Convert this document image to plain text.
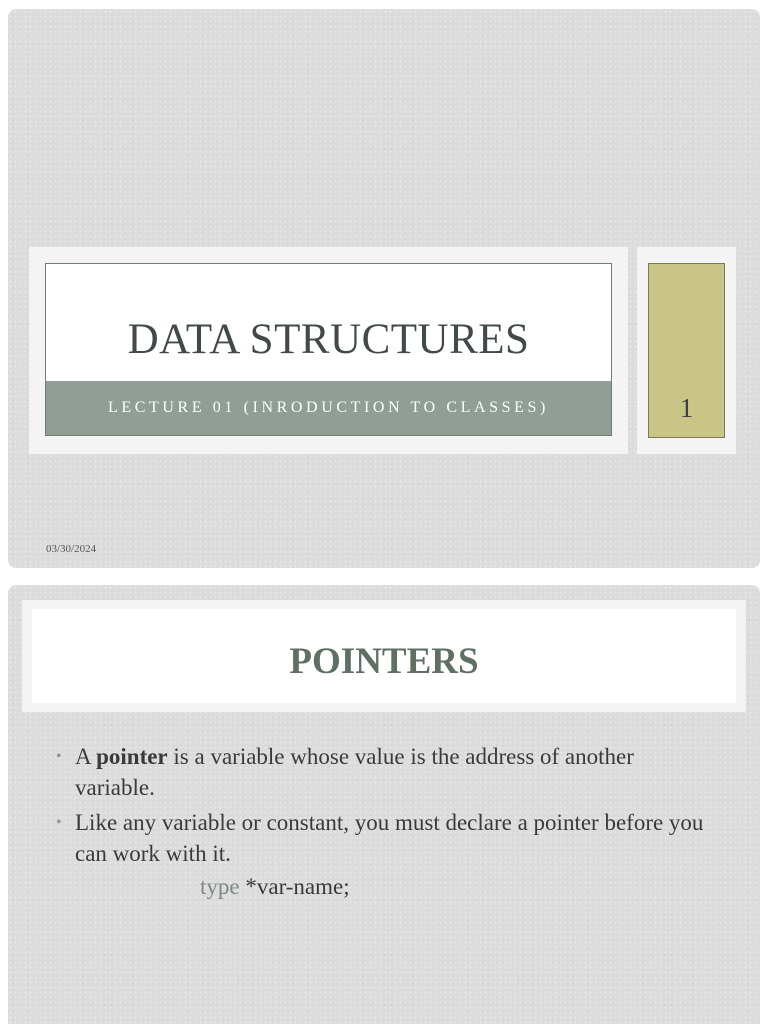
DATA STRUCTURES
LECTURE 01 (INRODUCTION TO CLASSES)	1
03/30/2024
POINTERS
• A pointer is a variable whose value is the address of another variable.
• Like any variable or constant, you must declare a pointer before you can work with it.
type *var-name;
